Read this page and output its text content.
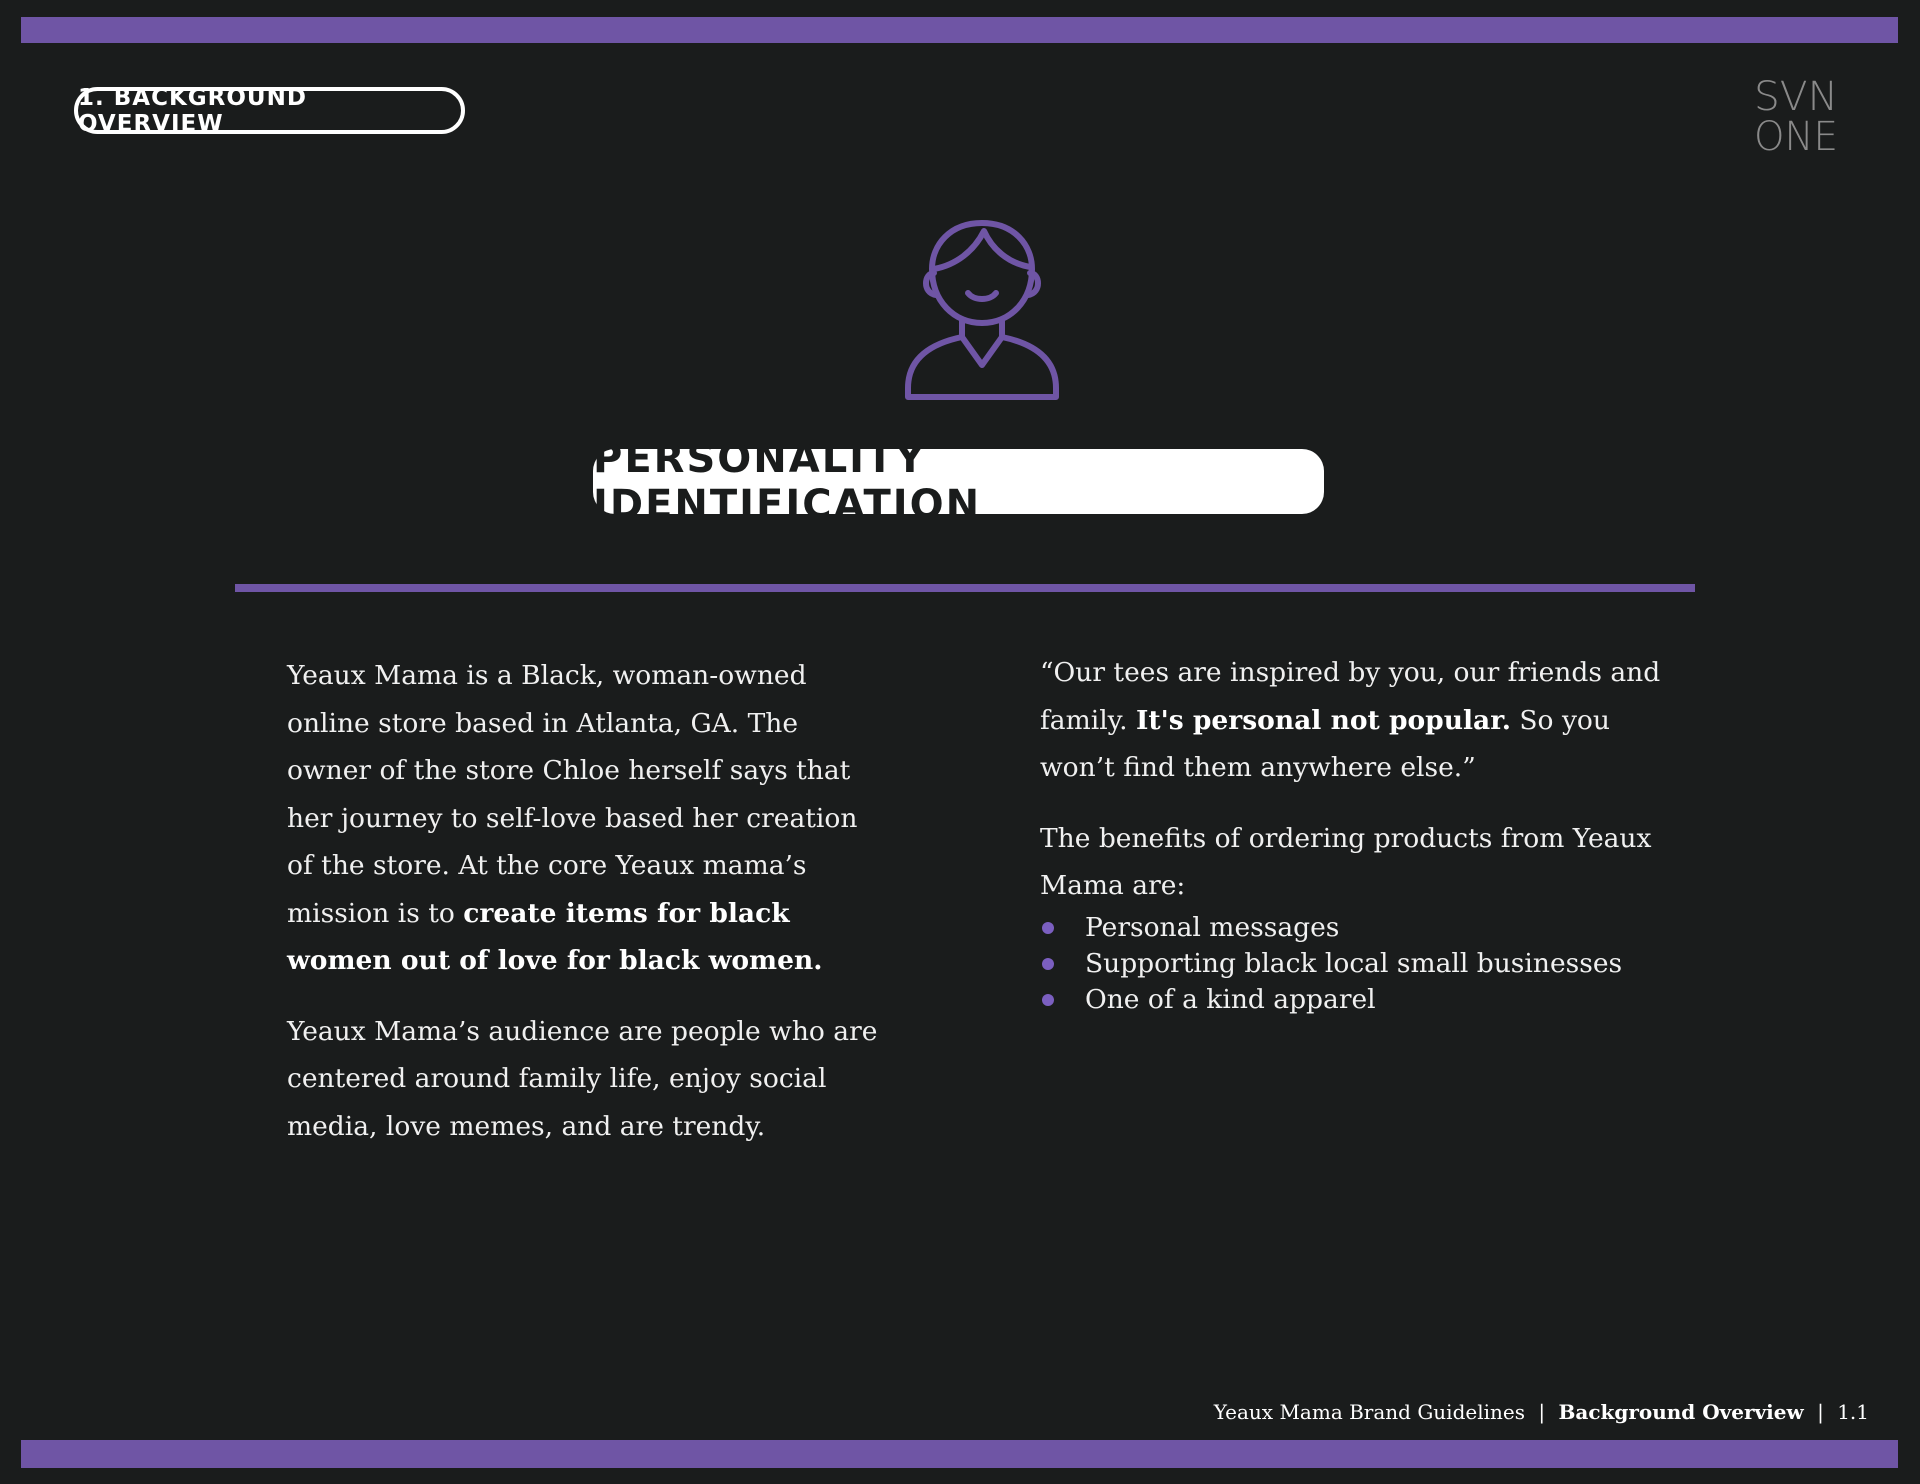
1. BACKGROUND OVERVIEW
SVN
ONE
PERSONALITY IDENTIFICATION

Yeaux Mama is a Black, woman-owned online store based in Atlanta, GA. The owner of the store Chloe herself says that her journey to self-love based her creation of the store. At the core Yeaux mama’s mission is to create items for black women out of love for black women.

Yeaux Mama’s audience are people who are centered around family life, enjoy social media, love memes, and are trendy.

“Our tees are inspired by you, our friends and family. It's personal not popular. So you won’t find them anywhere else.”

The benefits of ordering products from Yeaux Mama are:

Personal messages
Supporting black local small businesses
One of a kind apparel
Yeaux Mama Brand Guidelines | Background Overview | 1.1
